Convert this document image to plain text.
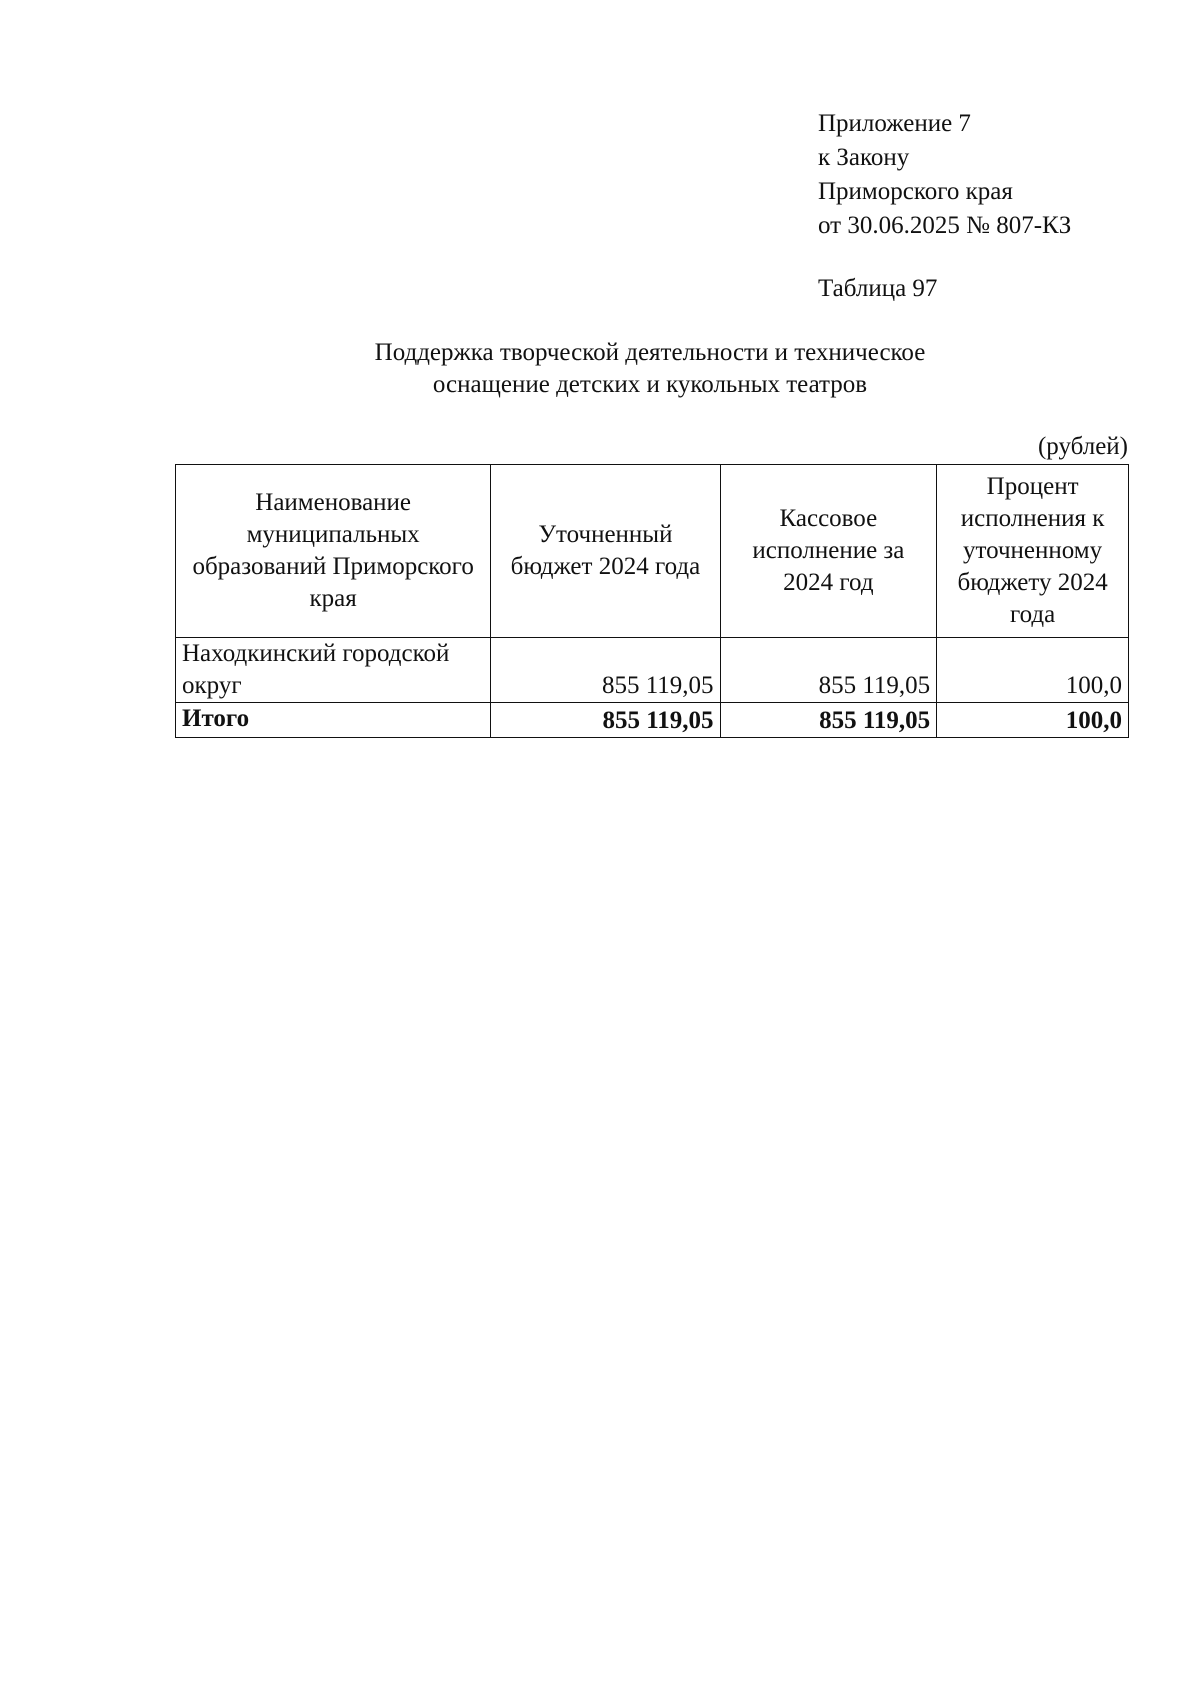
Приложение 7
к Закону
Приморского края
от 30.06.2025 № 807-КЗ
Таблица 97
Поддержка творческой деятельности и техническое
оснащение детских и кукольных театров
(рублей)
Наименование муниципальных образований Приморского края	Уточненный бюджет 2024 года	Кассовое исполнение за 2024 год	Процент исполнения к уточненному бюджету 2024 года
Находкинский городской округ	855 119,05	855 119,05	100,0
Итого	855 119,05	855 119,05	100,0
